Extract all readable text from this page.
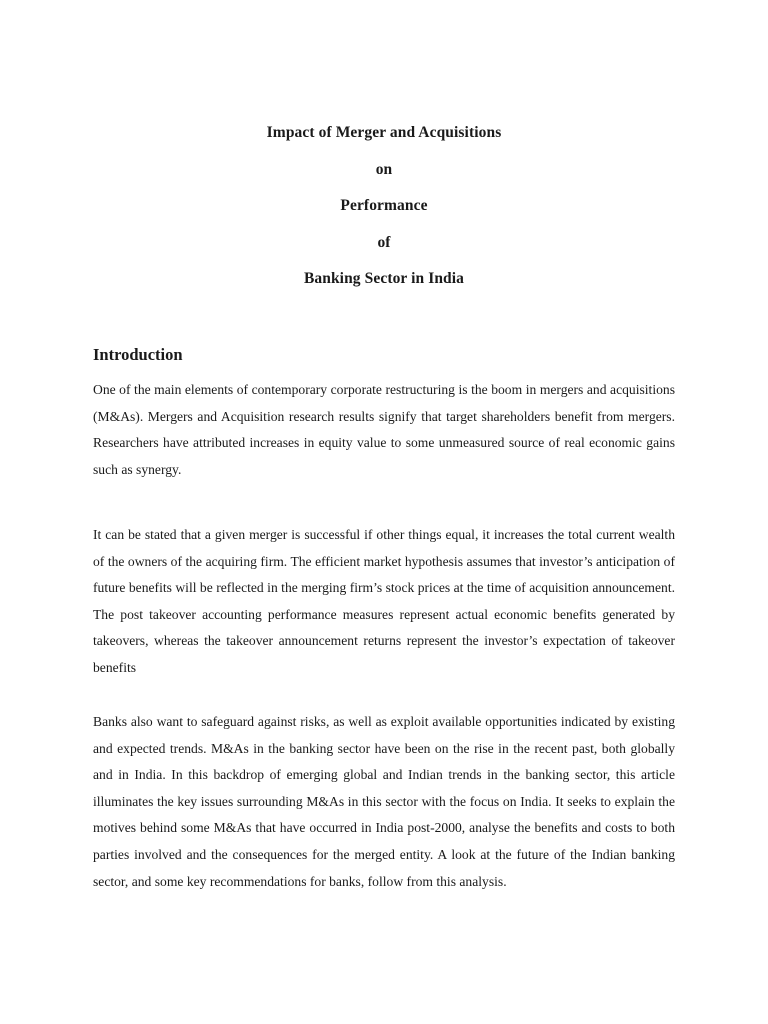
Impact of Merger and Acquisitions
on
Performance
of
Banking Sector in India
Introduction

One of the main elements of contemporary corporate restructuring is the boom in mergers and acquisitions (M&As). Mergers and Acquisition research results signify that target shareholders benefit from mergers. Researchers have attributed increases in equity value to some unmeasured source of real economic gains such as synergy.

It can be stated that a given merger is successful if other things equal, it increases the total current wealth of the owners of the acquiring firm. The efficient market hypothesis assumes that investor’s anticipation of future benefits will be reflected in the merging firm’s stock prices at the time of acquisition announcement. The post takeover accounting performance measures represent actual economic benefits generated by takeovers, whereas the takeover announcement returns represent the investor’s expectation of takeover benefits

Banks also want to safeguard against risks, as well as exploit available opportunities indicated by existing and expected trends. M&As in the banking sector have been on the rise in the recent past, both globally and in India. In this backdrop of emerging global and Indian trends in the banking sector, this article illuminates the key issues surrounding M&As in this sector with the focus on India. It seeks to explain the motives behind some M&As that have occurred in India post-2000, analyse the benefits and costs to both parties involved and the consequences for the merged entity. A look at the future of the Indian banking sector, and some key recommendations for banks, follow from this analysis.
